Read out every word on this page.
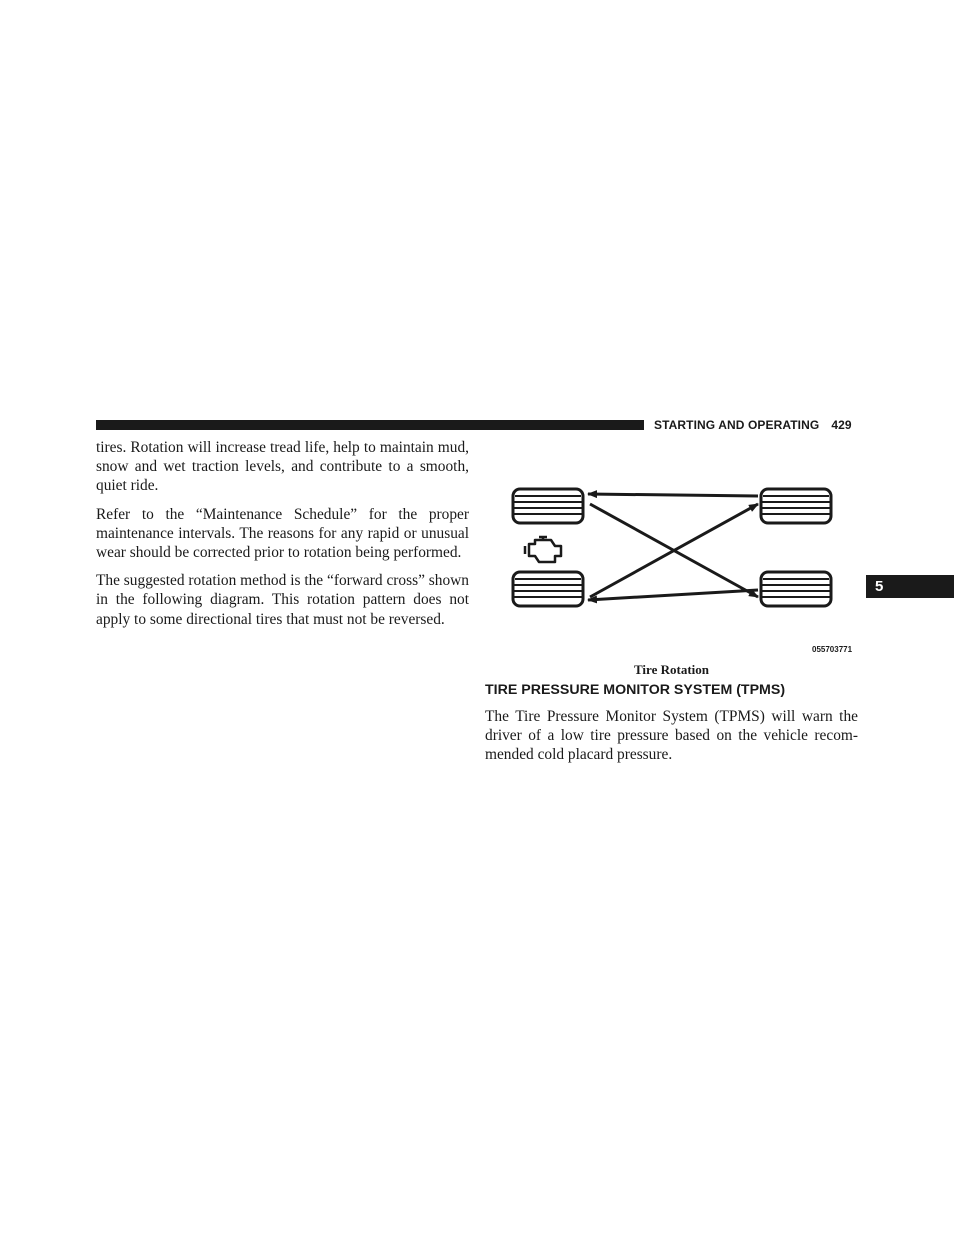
STARTING AND OPERATING 429

tires. Rotation will increase tread life, help to maintain mud, snow and wet traction levels, and contribute to a smooth, quiet ride.

Refer to the “Maintenance Schedule” for the proper maintenance intervals. The reasons for any rapid or unusual wear should be corrected prior to rotation being performed.

The suggested rotation method is the “forward cross” shown in the following diagram. This rotation pattern does not apply to some directional tires that must not be reversed.

055703771
Tire Rotation
TIRE PRESSURE MONITOR SYSTEM (TPMS)

The Tire Pressure Monitor System (TPMS) will warn the driver of a low tire pressure based on the vehicle recom- mended cold placard pressure.

5
